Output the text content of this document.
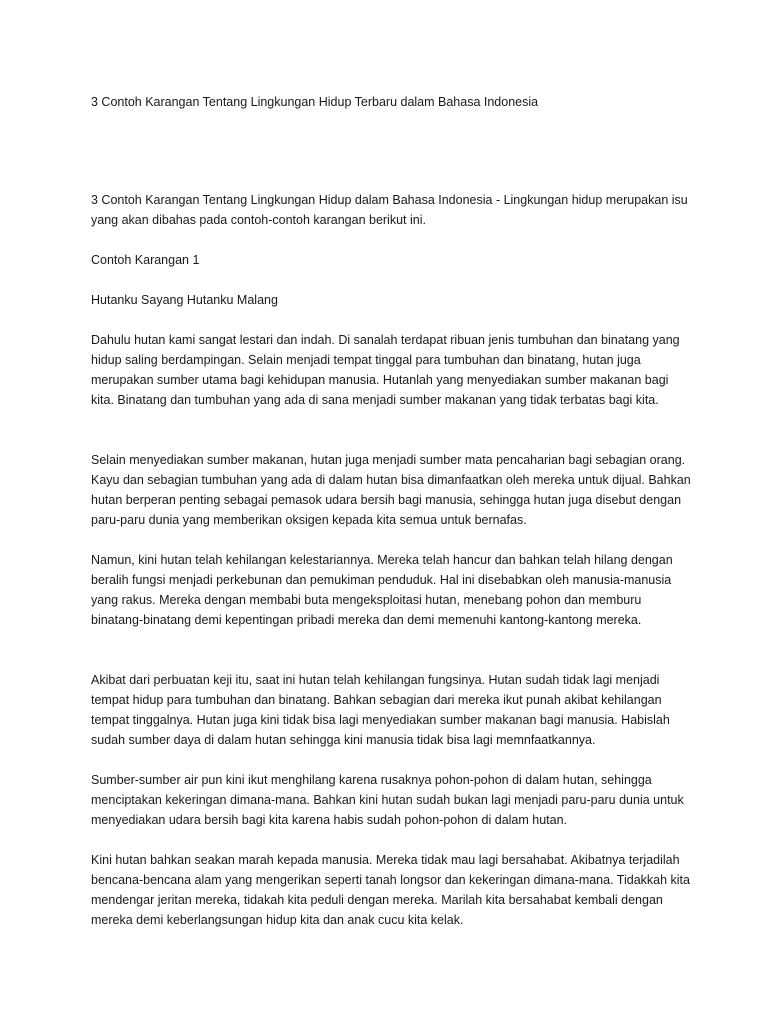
3 Contoh Karangan Tentang Lingkungan Hidup Terbaru dalam Bahasa Indonesia

3 Contoh Karangan Tentang Lingkungan Hidup dalam Bahasa Indonesia - Lingkungan hidup merupakan isu yang akan dibahas pada contoh-contoh karangan berikut ini.

Contoh Karangan 1

Hutanku Sayang Hutanku Malang

Dahulu hutan kami sangat lestari dan indah. Di sanalah terdapat ribuan jenis tumbuhan dan binatang yang hidup saling berdampingan. Selain menjadi tempat tinggal para tumbuhan dan binatang, hutan juga merupakan sumber utama bagi kehidupan manusia. Hutanlah yang menyediakan sumber makanan bagi kita. Binatang dan tumbuhan yang ada di sana menjadi sumber makanan yang tidak terbatas bagi kita.

Selain menyediakan sumber makanan, hutan juga menjadi sumber mata pencaharian bagi sebagian orang. Kayu dan sebagian tumbuhan yang ada di dalam hutan bisa dimanfaatkan oleh mereka untuk dijual. Bahkan hutan berperan penting sebagai pemasok udara bersih bagi manusia, sehingga hutan juga disebut dengan paru-paru dunia yang memberikan oksigen kepada kita semua untuk bernafas.

Namun, kini hutan telah kehilangan kelestariannya. Mereka telah hancur dan bahkan telah hilang dengan beralih fungsi menjadi perkebunan dan pemukiman penduduk. Hal ini disebabkan oleh manusia-manusia yang rakus. Mereka dengan membabi buta mengeksploitasi hutan, menebang pohon dan memburu binatang-binatang demi kepentingan pribadi mereka dan demi memenuhi kantong-kantong mereka.

Akibat dari perbuatan keji itu, saat ini hutan telah kehilangan fungsinya. Hutan sudah tidak lagi menjadi tempat hidup para tumbuhan dan binatang. Bahkan sebagian dari mereka ikut punah akibat kehilangan tempat tinggalnya. Hutan juga kini tidak bisa lagi menyediakan sumber makanan bagi manusia. Habislah sudah sumber daya di dalam hutan sehingga kini manusia tidak bisa lagi memnfaatkannya.

Sumber-sumber air pun kini ikut menghilang karena rusaknya pohon-pohon di dalam hutan, sehingga menciptakan kekeringan dimana-mana. Bahkan kini hutan sudah bukan lagi menjadi paru-paru dunia untuk menyediakan udara bersih bagi kita karena habis sudah pohon-pohon di dalam hutan.

Kini hutan bahkan seakan marah kepada manusia. Mereka tidak mau lagi bersahabat. Akibatnya terjadilah bencana-bencana alam yang mengerikan seperti tanah longsor dan kekeringan dimana-mana. Tidakkah kita mendengar jeritan mereka, tidakah kita peduli dengan mereka. Marilah kita bersahabat kembali dengan mereka demi keberlangsungan hidup kita dan anak cucu kita kelak.
